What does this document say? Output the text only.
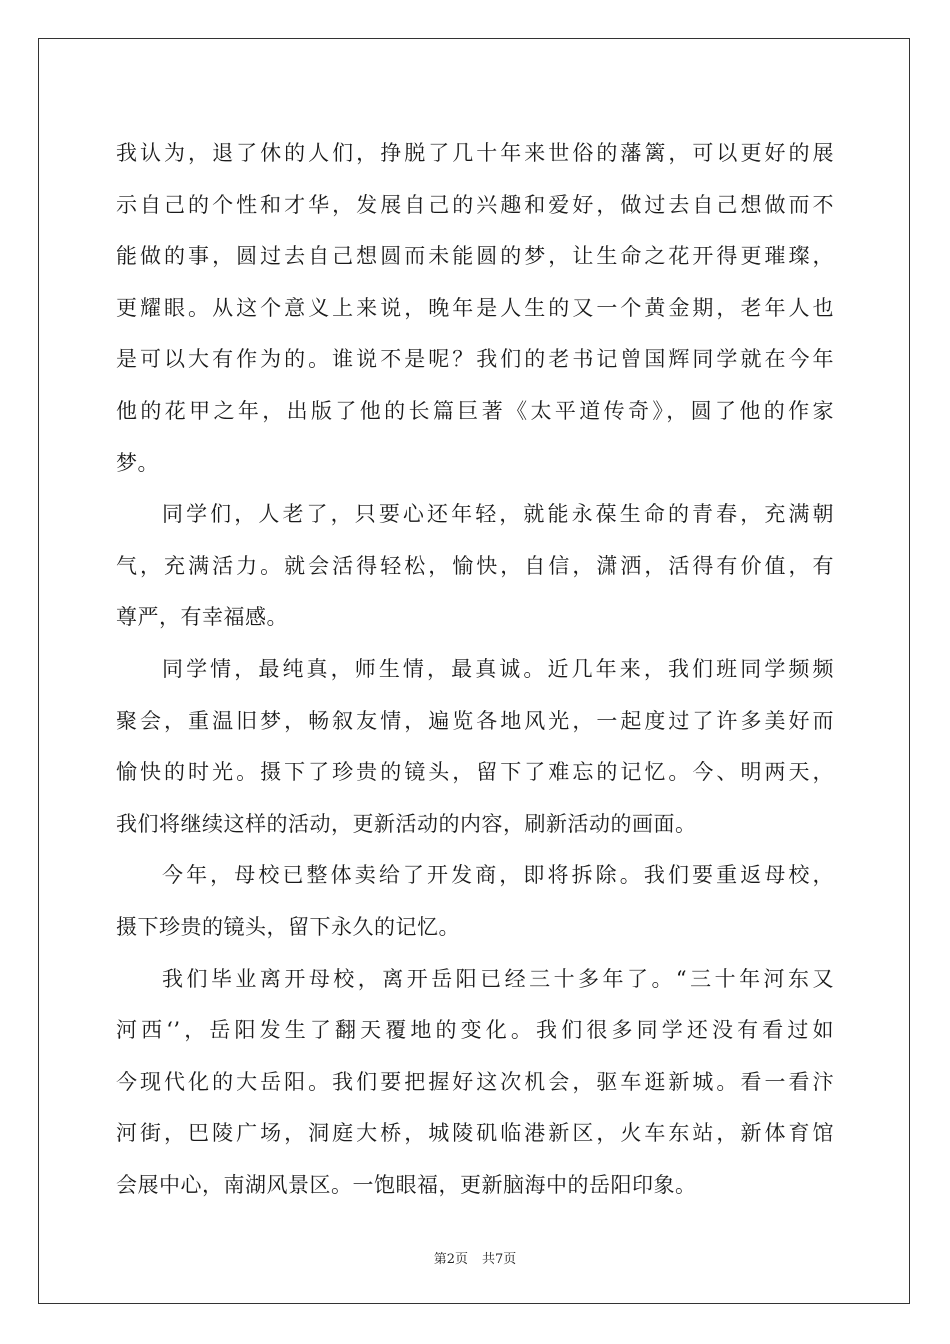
我认为，退了休的人们，挣脱了几十年来世俗的藩篱，可以更好的展
示自己的个性和才华，发展自己的兴趣和爱好，做过去自己想做而不
能做的事，圆过去自己想圆而未能圆的梦，让生命之花开得更璀璨，
更耀眼。从这个意义上来说，晚年是人生的又一个黄金期，老年人也
是可以大有作为的。谁说不是呢？我们的老书记曾国辉同学就在今年
他的花甲之年，出版了他的长篇巨著《太平道传奇》，圆了他的作家
梦。
同学们，人老了，只要心还年轻，就能永葆生命的青春，充满朝
气，充满活力。就会活得轻松，愉快，自信，潇洒，活得有价值，有
尊严，有幸福感。
同学情，最纯真，师生情，最真诚。近几年来，我们班同学频频
聚会，重温旧梦，畅叙友情，遍览各地风光，一起度过了许多美好而
愉快的时光。摄下了珍贵的镜头，留下了难忘的记忆。今、明两天，
我们将继续这样的活动，更新活动的内容，刷新活动的画面。
今年，母校已整体卖给了开发商，即将拆除。我们要重返母校，
摄下珍贵的镜头，留下永久的记忆。
我们毕业离开母校，离开岳阳已经三十多年了。“三十年河东又
河西‘’，岳阳发生了翻天覆地的变化。我们很多同学还没有看过如
今现代化的大岳阳。我们要把握好这次机会，驱车逛新城。看一看汴
河街，巴陵广场，洞庭大桥，城陵矶临港新区，火车东站，新体育馆
会展中心，南湖风景区。一饱眼福，更新脑海中的岳阳印象。
第2页 共7页
